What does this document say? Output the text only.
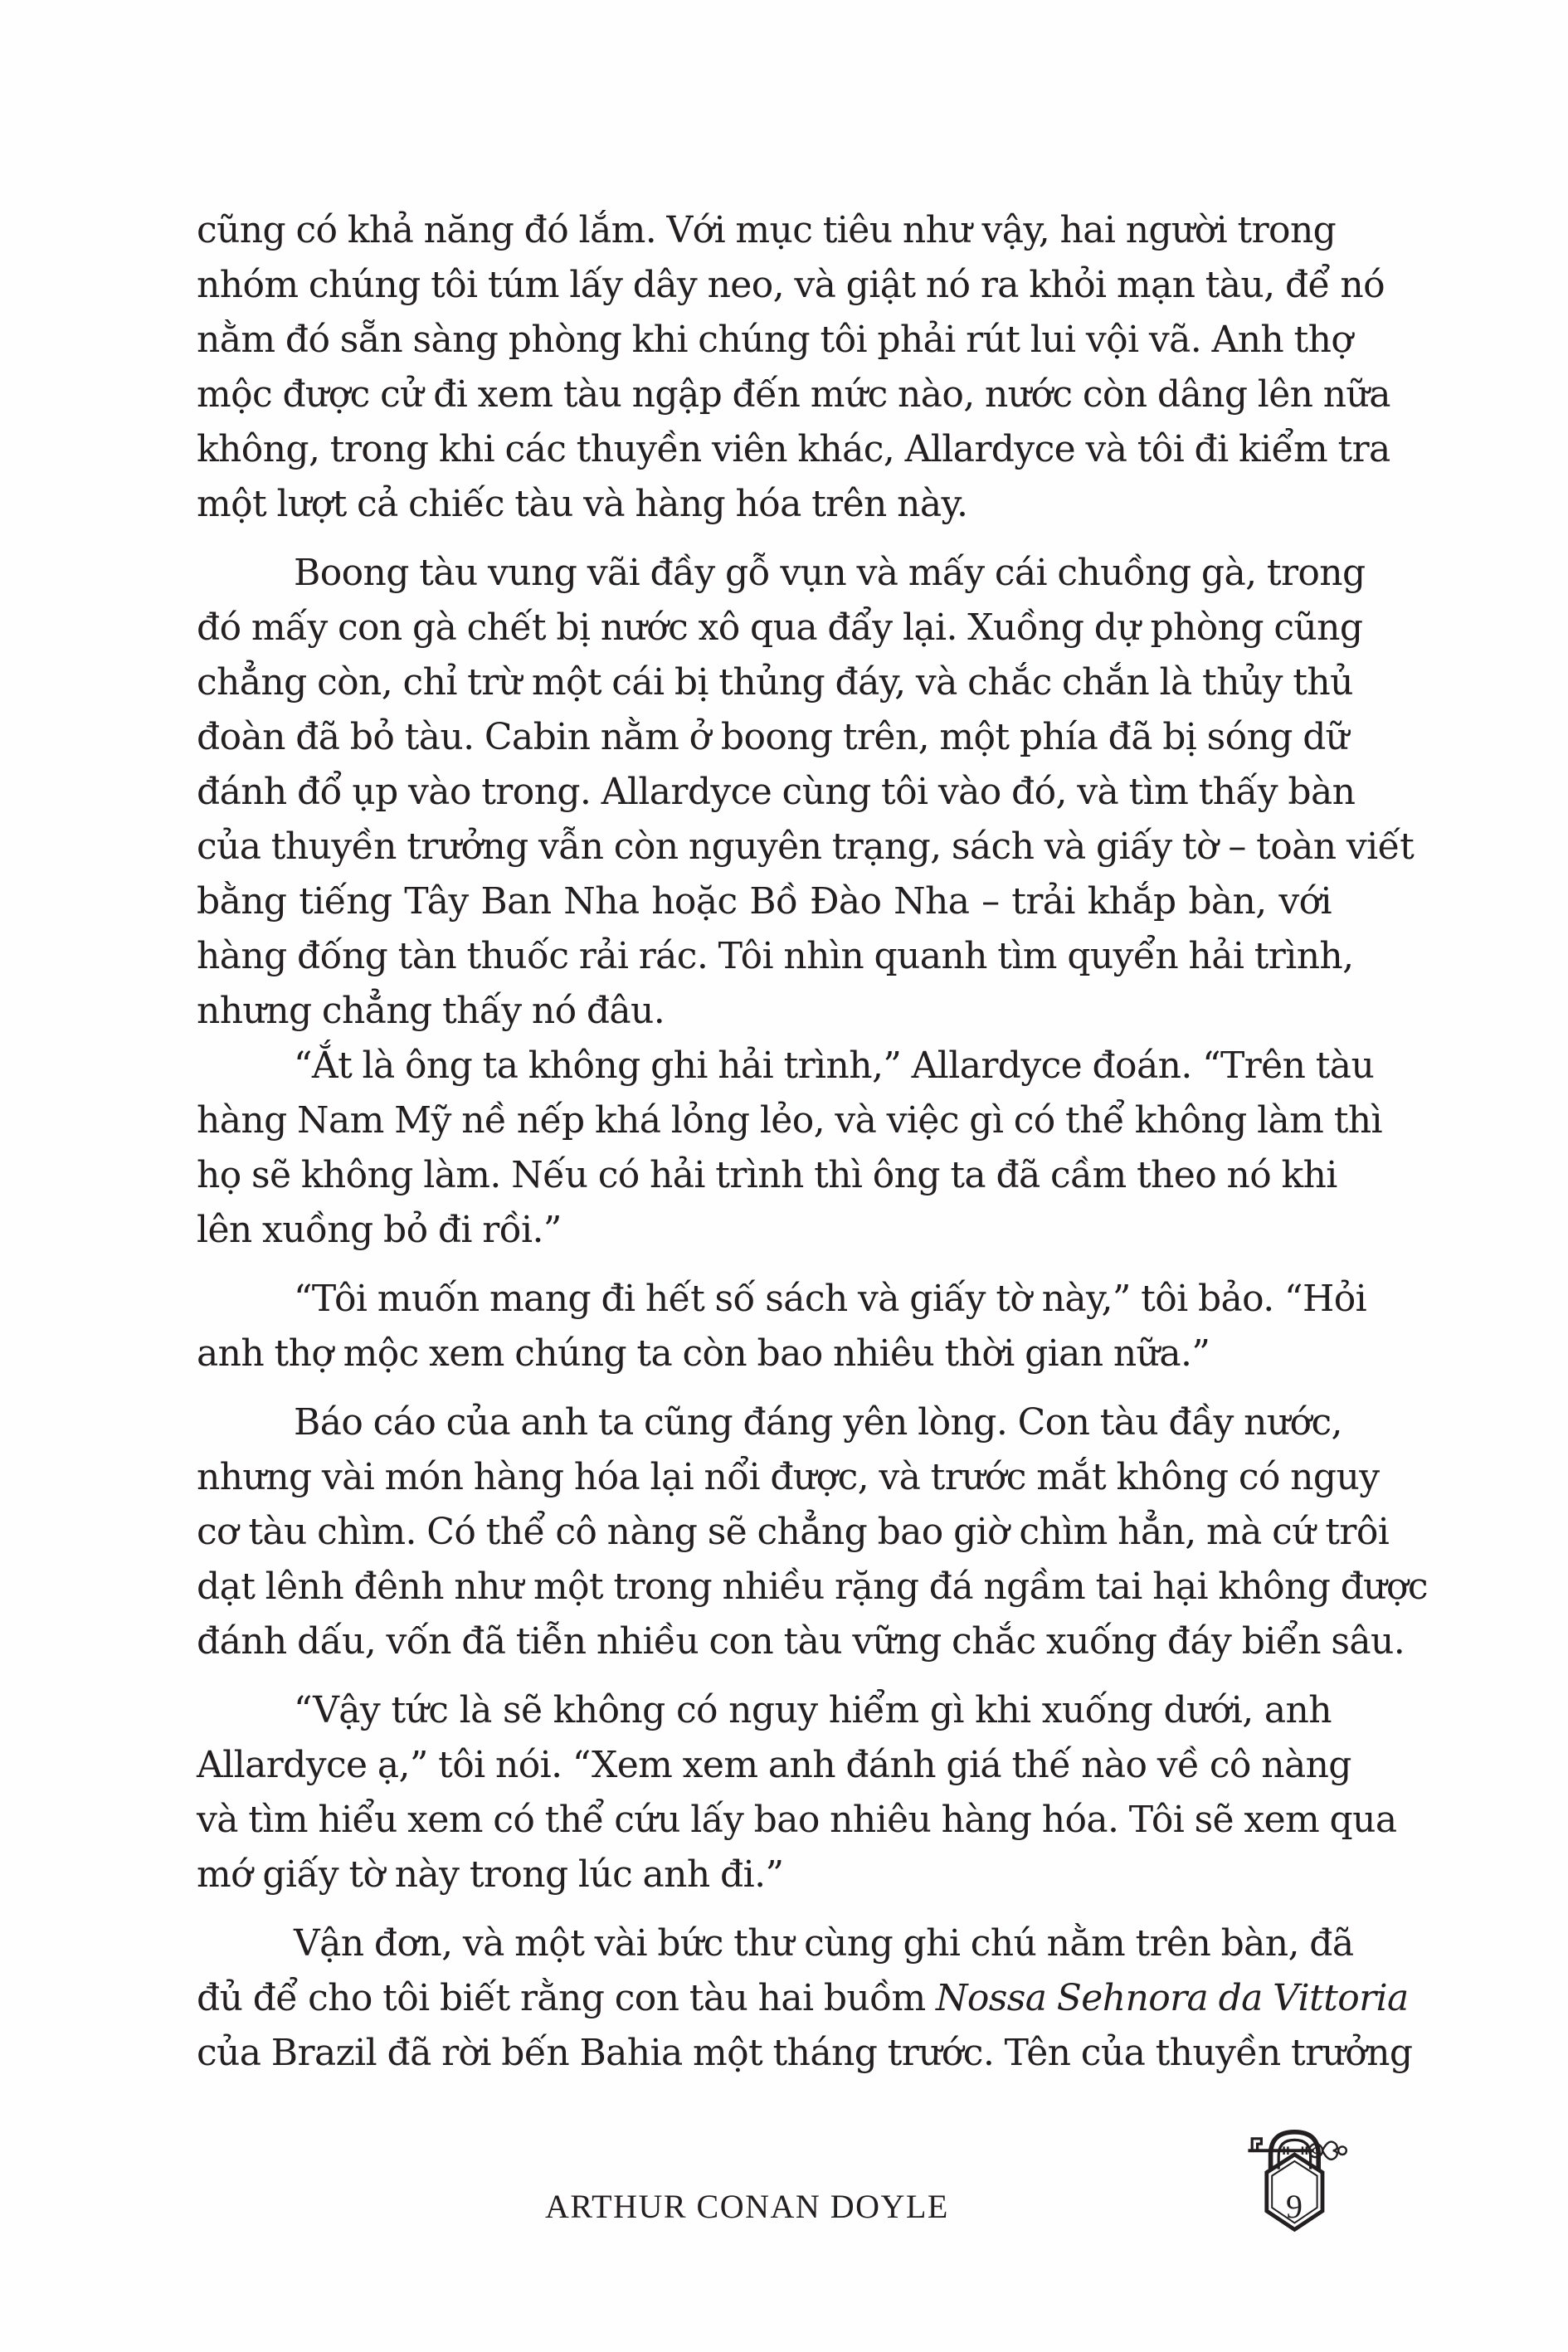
cũng có khả năng đó lắm. Với mục tiêu như vậy, hai người trong
nhóm chúng tôi túm lấy dây neo, và giật nó ra khỏi mạn tàu, để nó
nằm đó sẵn sàng phòng khi chúng tôi phải rút lui vội vã. Anh thợ
mộc được cử đi xem tàu ngập đến mức nào, nước còn dâng lên nữa
không, trong khi các thuyền viên khác, Allardyce và tôi đi kiểm tra
một lượt cả chiếc tàu và hàng hóa trên này.
Boong tàu vung vãi đầy gỗ vụn và mấy cái chuồng gà, trong
đó mấy con gà chết bị nước xô qua đẩy lại. Xuồng dự phòng cũng
chẳng còn, chỉ trừ một cái bị thủng đáy, và chắc chắn là thủy thủ
đoàn đã bỏ tàu. Cabin nằm ở boong trên, một phía đã bị sóng dữ
đánh đổ ụp vào trong. Allardyce cùng tôi vào đó, và tìm thấy bàn
của thuyền trưởng vẫn còn nguyên trạng, sách và giấy tờ – toàn viết
bằng tiếng Tây Ban Nha hoặc Bồ Đào Nha – trải khắp bàn, với
hàng đống tàn thuốc rải rác. Tôi nhìn quanh tìm quyển hải trình,
nhưng chẳng thấy nó đâu.
“Ắt là ông ta không ghi hải trình,” Allardyce đoán. “Trên tàu
hàng Nam Mỹ nề nếp khá lỏng lẻo, và việc gì có thể không làm thì
họ sẽ không làm. Nếu có hải trình thì ông ta đã cầm theo nó khi
lên xuồng bỏ đi rồi.”
“Tôi muốn mang đi hết số sách và giấy tờ này,” tôi bảo. “Hỏi
anh thợ mộc xem chúng ta còn bao nhiêu thời gian nữa.”
Báo cáo của anh ta cũng đáng yên lòng. Con tàu đầy nước,
nhưng vài món hàng hóa lại nổi được, và trước mắt không có nguy
cơ tàu chìm. Có thể cô nàng sẽ chẳng bao giờ chìm hẳn, mà cứ trôi
dạt lênh đênh như một trong nhiều rặng đá ngầm tai hại không được
đánh dấu, vốn đã tiễn nhiều con tàu vững chắc xuống đáy biển sâu.
“Vậy tức là sẽ không có nguy hiểm gì khi xuống dưới, anh
Allardyce ạ,” tôi nói. “Xem xem anh đánh giá thế nào về cô nàng
và tìm hiểu xem có thể cứu lấy bao nhiêu hàng hóa. Tôi sẽ xem qua
mớ giấy tờ này trong lúc anh đi.”
Vận đơn, và một vài bức thư cùng ghi chú nằm trên bàn, đã
đủ để cho tôi biết rằng con tàu hai buồm Nossa Sehnora da Vittoria
của Brazil đã rời bến Bahia một tháng trước. Tên của thuyền trưởng
ARTHUR CONAN DOYLE	9
